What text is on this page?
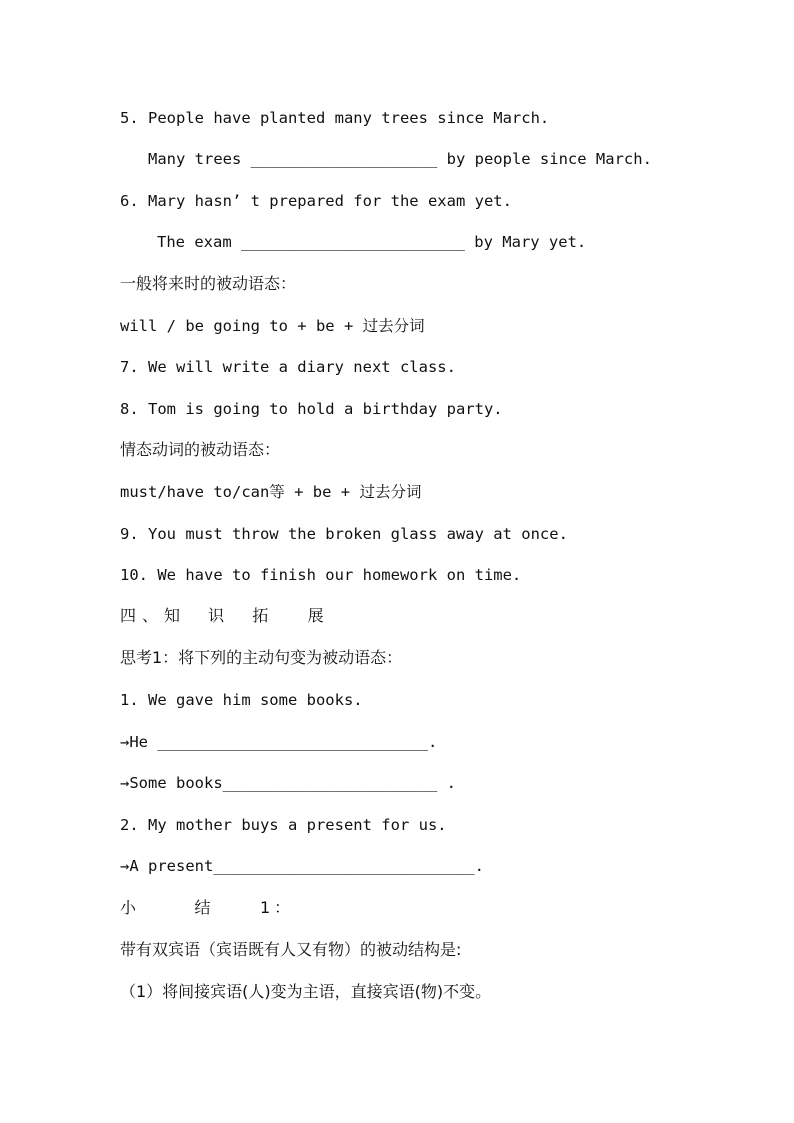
5. People have planted many trees since March.
Many trees ____________________ by people since March.
6. Mary hasn’ t prepared for the exam yet.
The exam ________________________ by Mary yet.
一般将来时的被动语态：
will / be going to + be + 过去分词
7. We will write a diary next class.
8. Tom is going to hold a birthday party.
情态动词的被动语态：
must/have to/can等 + be + 过去分词
9. You must throw the broken glass away at once.
10. We have to finish our homework on time.
四、知  识  拓   展
思考1：将下列的主动句变为被动语态：
1. We gave him some books.
→He _____________________________.
→Some books_______________________ .
2. My mother buys a present for us.
→A present____________________________.
小      结     1：
带有双宾语（宾语既有人又有物）的被动结构是:
（1）将间接宾语(人)变为主语，直接宾语(物)不变。
